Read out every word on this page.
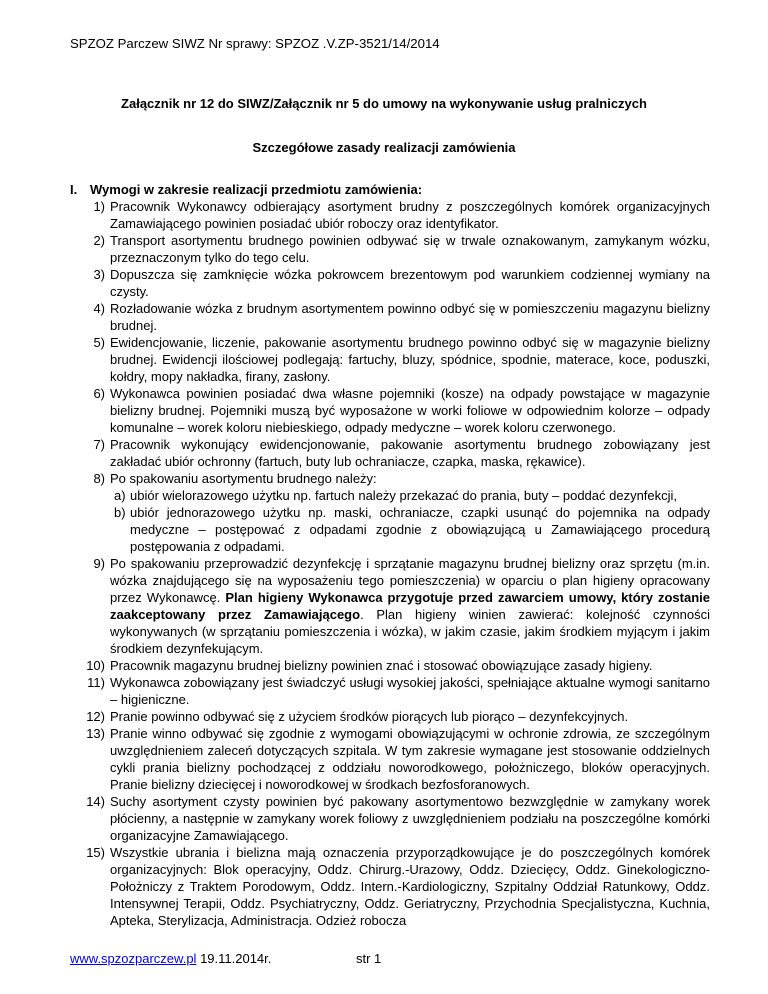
SPZOZ Parczew SIWZ Nr sprawy: SPZOZ .V.ZP-3521/14/2014
Załącznik nr 12 do SIWZ/Załącznik nr 5 do umowy na wykonywanie usług pralniczych
Szczegółowe zasady realizacji zamówienia
I. Wymogi w zakresie realizacji przedmiotu zamówienia:
1) Pracownik Wykonawcy odbierający asortyment brudny z poszczególnych komórek organizacyjnych Zamawiającego powinien posiadać ubiór roboczy oraz identyfikator.
2) Transport asortymentu brudnego powinien odbywać się w trwale oznakowanym, zamykanym wózku, przeznaczonym tylko do tego celu.
3) Dopuszcza się zamknięcie wózka pokrowcem brezentowym pod warunkiem codziennej wymiany na czysty.
4) Rozładowanie wózka z brudnym asortymentem powinno odbyć się w pomieszczeniu magazynu bielizny brudnej.
5) Ewidencjowanie, liczenie, pakowanie asortymentu brudnego powinno odbyć się w magazynie bielizny brudnej. Ewidencji ilościowej podlegają: fartuchy, bluzy, spódnice, spodnie, materace, koce, poduszki, kołdry, mopy nakładka, firany, zasłony.
6) Wykonawca powinien posiadać dwa własne pojemniki (kosze) na odpady powstające w magazynie bielizny brudnej. Pojemniki muszą być wyposażone w worki foliowe w odpowiednim kolorze – odpady komunalne – worek koloru niebieskiego, odpady medyczne – worek koloru czerwonego.
7) Pracownik wykonujący ewidencjonowanie, pakowanie asortymentu brudnego zobowiązany jest zakładać ubiór ochronny (fartuch, buty lub ochraniacze, czapka, maska, rękawice).
8) Po spakowaniu asortymentu brudnego należy:
a) ubiór wielorazowego użytku np. fartuch należy przekazać do prania, buty – poddać dezynfekcji,
b) ubiór jednorazowego użytku np. maski, ochraniacze, czapki usunąć do pojemnika na odpady medyczne – postępować z odpadami zgodnie z obowiązującą u Zamawiającego procedurą postępowania z odpadami.
9) Po spakowaniu przeprowadzić dezynfekcję i sprzątanie magazynu brudnej bielizny oraz sprzętu (m.in. wózka znajdującego się na wyposażeniu tego pomieszczenia) w oparciu o plan higieny opracowany przez Wykonawcę. Plan higieny Wykonawca przygotuje przed zawarciem umowy, który zostanie zaakceptowany przez Zamawiającego. Plan higieny winien zawierać: kolejność czynności wykonywanych (w sprzątaniu pomieszczenia i wózka), w jakim czasie, jakim środkiem myjącym i jakim środkiem dezynfekującym.
10) Pracownik magazynu brudnej bielizny powinien znać i stosować obowiązujące zasady higieny.
11) Wykonawca zobowiązany jest świadczyć usługi wysokiej jakości, spełniające aktualne wymogi sanitarno – higieniczne.
12) Pranie powinno odbywać się z użyciem środków piorących lub piorąco – dezynfekcyjnych.
13) Pranie winno odbywać się zgodnie z wymogami obowiązującymi w ochronie zdrowia, ze szczególnym uwzględnieniem zaleceń dotyczących szpitala. W tym zakresie wymagane jest stosowanie oddzielnych cykli prania bielizny pochodzącej z oddziału noworodkowego, położniczego, bloków operacyjnych. Pranie bielizny dziecięcej i noworodkowej w środkach bezfosforanowych.
14) Suchy asortyment czysty powinien być pakowany asortymentowo bezwzględnie w zamykany worek płócienny, a następnie w zamykany worek foliowy z uwzględnieniem podziału na poszczególne komórki organizacyjne Zamawiającego.
15) Wszystkie ubrania i bielizna mają oznaczenia przyporządkowujące je do poszczególnych komórek organizacyjnych: Blok operacyjny, Oddz. Chirurg.-Urazowy, Oddz. Dziecięcy, Oddz. Ginekologiczno-Położniczy z Traktem Porodowym, Oddz. Intern.-Kardiologiczny, Szpitalny Oddział Ratunkowy, Oddz. Intensywnej Terapii, Oddz. Psychiatryczny, Oddz. Geriatryczny, Przychodnia Specjalistyczna, Kuchnia, Apteka, Sterylizacja, Administracja. Odzież robocza
www.spzozparczew.pl 19.11.2014r.	str 1
